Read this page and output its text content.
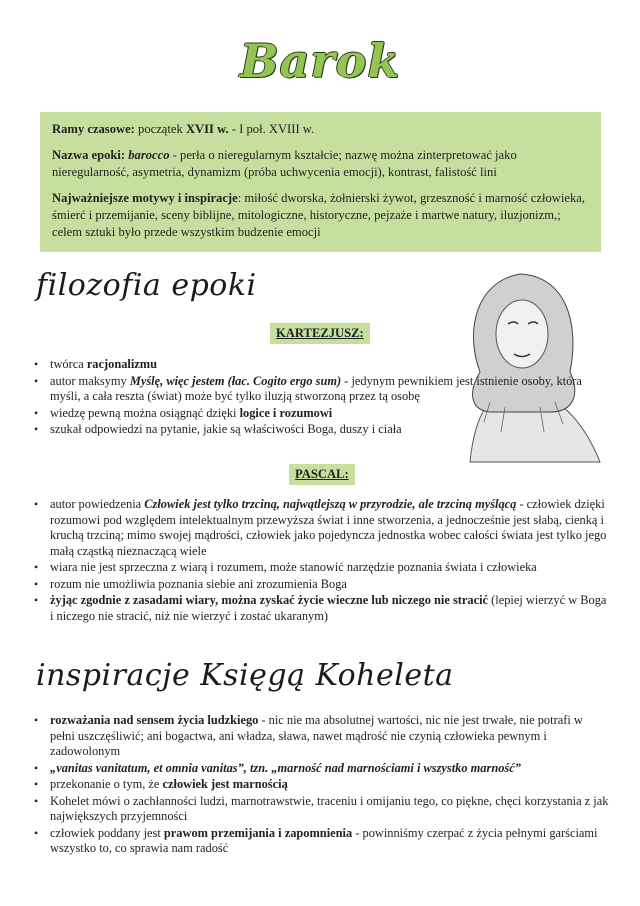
Barok

Ramy czasowe: początek XVII w. - I poł. XVIII w.

Nazwa epoki: barocco - perła o nieregularnym kształcie; nazwę można zinterpretować jako nieregularność, asymetria, dynamizm (próba uchwycenia emocji), kontrast, falistość lini

Najważniejsze motywy i inspiracje: miłość dworska, żołnierski żywot, grzeszność i marność człowieka, śmierć i przemijanie, sceny biblijne, mitologiczne, historyczne, pejzaże i martwe natury, iluzjonizm,; celem sztuki było przede wszystkim budzenie emocji

filozofia epoki
KARTEZJUSZ:
• twórca racjonalizmu
• autor maksymy Myślę, więc jestem (łac. Cogito ergo sum) - jedynym pewnikiem jest istnienie osoby, która myśli, a cała reszta (świat) może być tylko iluzją stworzoną przez tą osobę
• wiedzę pewną można osiągnąć dzięki logice i rozumowi
• szukał odpowiedzi na pytanie, jakie są właściwości Boga, duszy i ciała
PASCAL:
• autor powiedzenia Człowiek jest tylko trzciną, najwątlejszą w przyrodzie, ale trzciną myślącą - człowiek dzięki rozumowi pod względem intelektualnym przewyższa świat i inne stworzenia, a jednocześnie jest słabą, cienką i kruchą trzciną; mimo swojej mądrości, człowiek jako pojedyncza jednostka wobec całości świata jest tylko jego małą cząstką nieznaczącą wiele
• wiara nie jest sprzeczna z wiarą i rozumem, może stanowić narzędzie poznania świata i człowieka
• rozum nie umożliwia poznania siebie ani zrozumienia Boga
• żyjąc zgodnie z zasadami wiary, można zyskać życie wieczne lub niczego nie stracić (lepiej wierzyć w Boga i niczego nie stracić, niż nie wierzyć i zostać ukaranym)
inspiracje Księgą Koheleta
• rozważania nad sensem życia ludzkiego - nic nie ma absolutnej wartości, nic nie jest trwałe, nie potrafi w pełni uszczęśliwić; ani bogactwa, ani władza, sława, nawet mądrość nie czynią człowieka pewnym i zadowolonym
• „vanitas vanitatum, et omnia vanitas”, tzn. „marność nad marnościami i wszystko marność”
• przekonanie o tym, że człowiek jest marnością
• Kohelet mówi o zachłanności ludzi, marnotrawstwie, traceniu i omijaniu tego, co piękne, chęci korzystania z jak największych przyjemności
• człowiek poddany jest prawom przemijania i zapomnienia - powinniśmy czerpać z życia pełnymi garściami wszystko to, co sprawia nam radość
